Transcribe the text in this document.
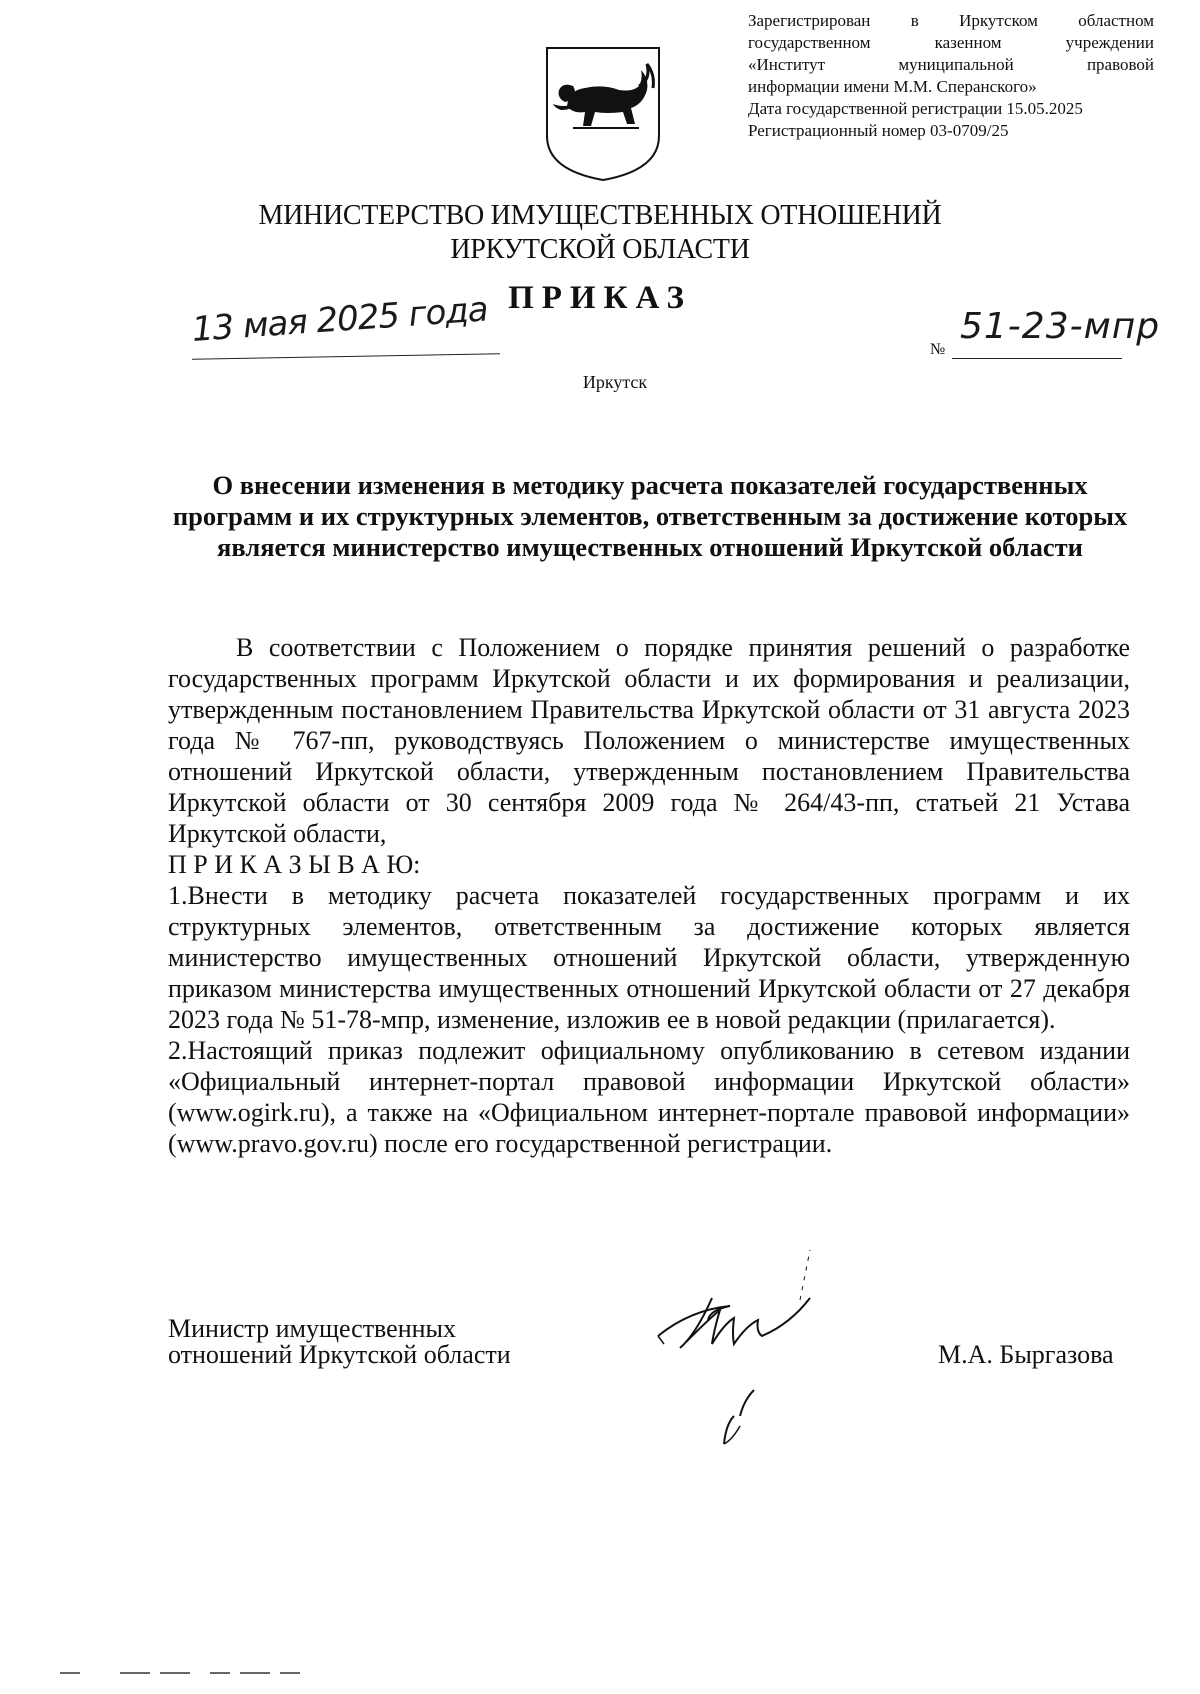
Зарегистрирован в Иркутском областном
государственном казенном учреждении
«Институт муниципальной правовой
информации имени М.М. Сперанского»
Дата государственной регистрации 15.05.2025
Регистрационный номер 03-0709/25
МИНИСТЕРСТВО ИМУЩЕСТВЕННЫХ ОТНОШЕНИЙ
ИРКУТСКОЙ ОБЛАСТИ
ПРИКАЗ
13 мая 2025 года	№
51-23-мпр
Иркутск
О внесении изменения в методику расчета показателей государственных программ и их структурных элементов, ответственным за достижение которых является министерство имущественных отношений Иркутской области

В соответствии с Положением о порядке принятия решений о разработке государственных программ Иркутской области и их формирования и реализации, утвержденным постановлением Правительства Иркутской области от 31 августа 2023 года № 767-пп, руководствуясь Положением о министерстве имущественных отношений Иркутской области, утвержденным постановлением Правительства Иркутской области от 30 сентября 2009 года № 264/43-пп, статьей 21 Устава Иркутской области,

П Р И К А З Ы В А Ю:

1.Внести в методику расчета показателей государственных программ и их структурных элементов, ответственным за достижение которых является министерство имущественных отношений Иркутской области, утвержденную приказом министерства имущественных отношений Иркутской области от 27 декабря 2023 года № 51-78-мпр, изменение, изложив ее в новой редакции (прилагается).

2.Настоящий приказ подлежит официальному опубликованию в сетевом издании «Официальный интернет-портал правовой информации Иркутской области» (www.ogirk.ru), а также на «Официальном интернет-портале правовой информации» (www.pravo.gov.ru) после его государственной регистрации.

Министр имущественных
отношений Иркутской области	М.А. Быргазова
